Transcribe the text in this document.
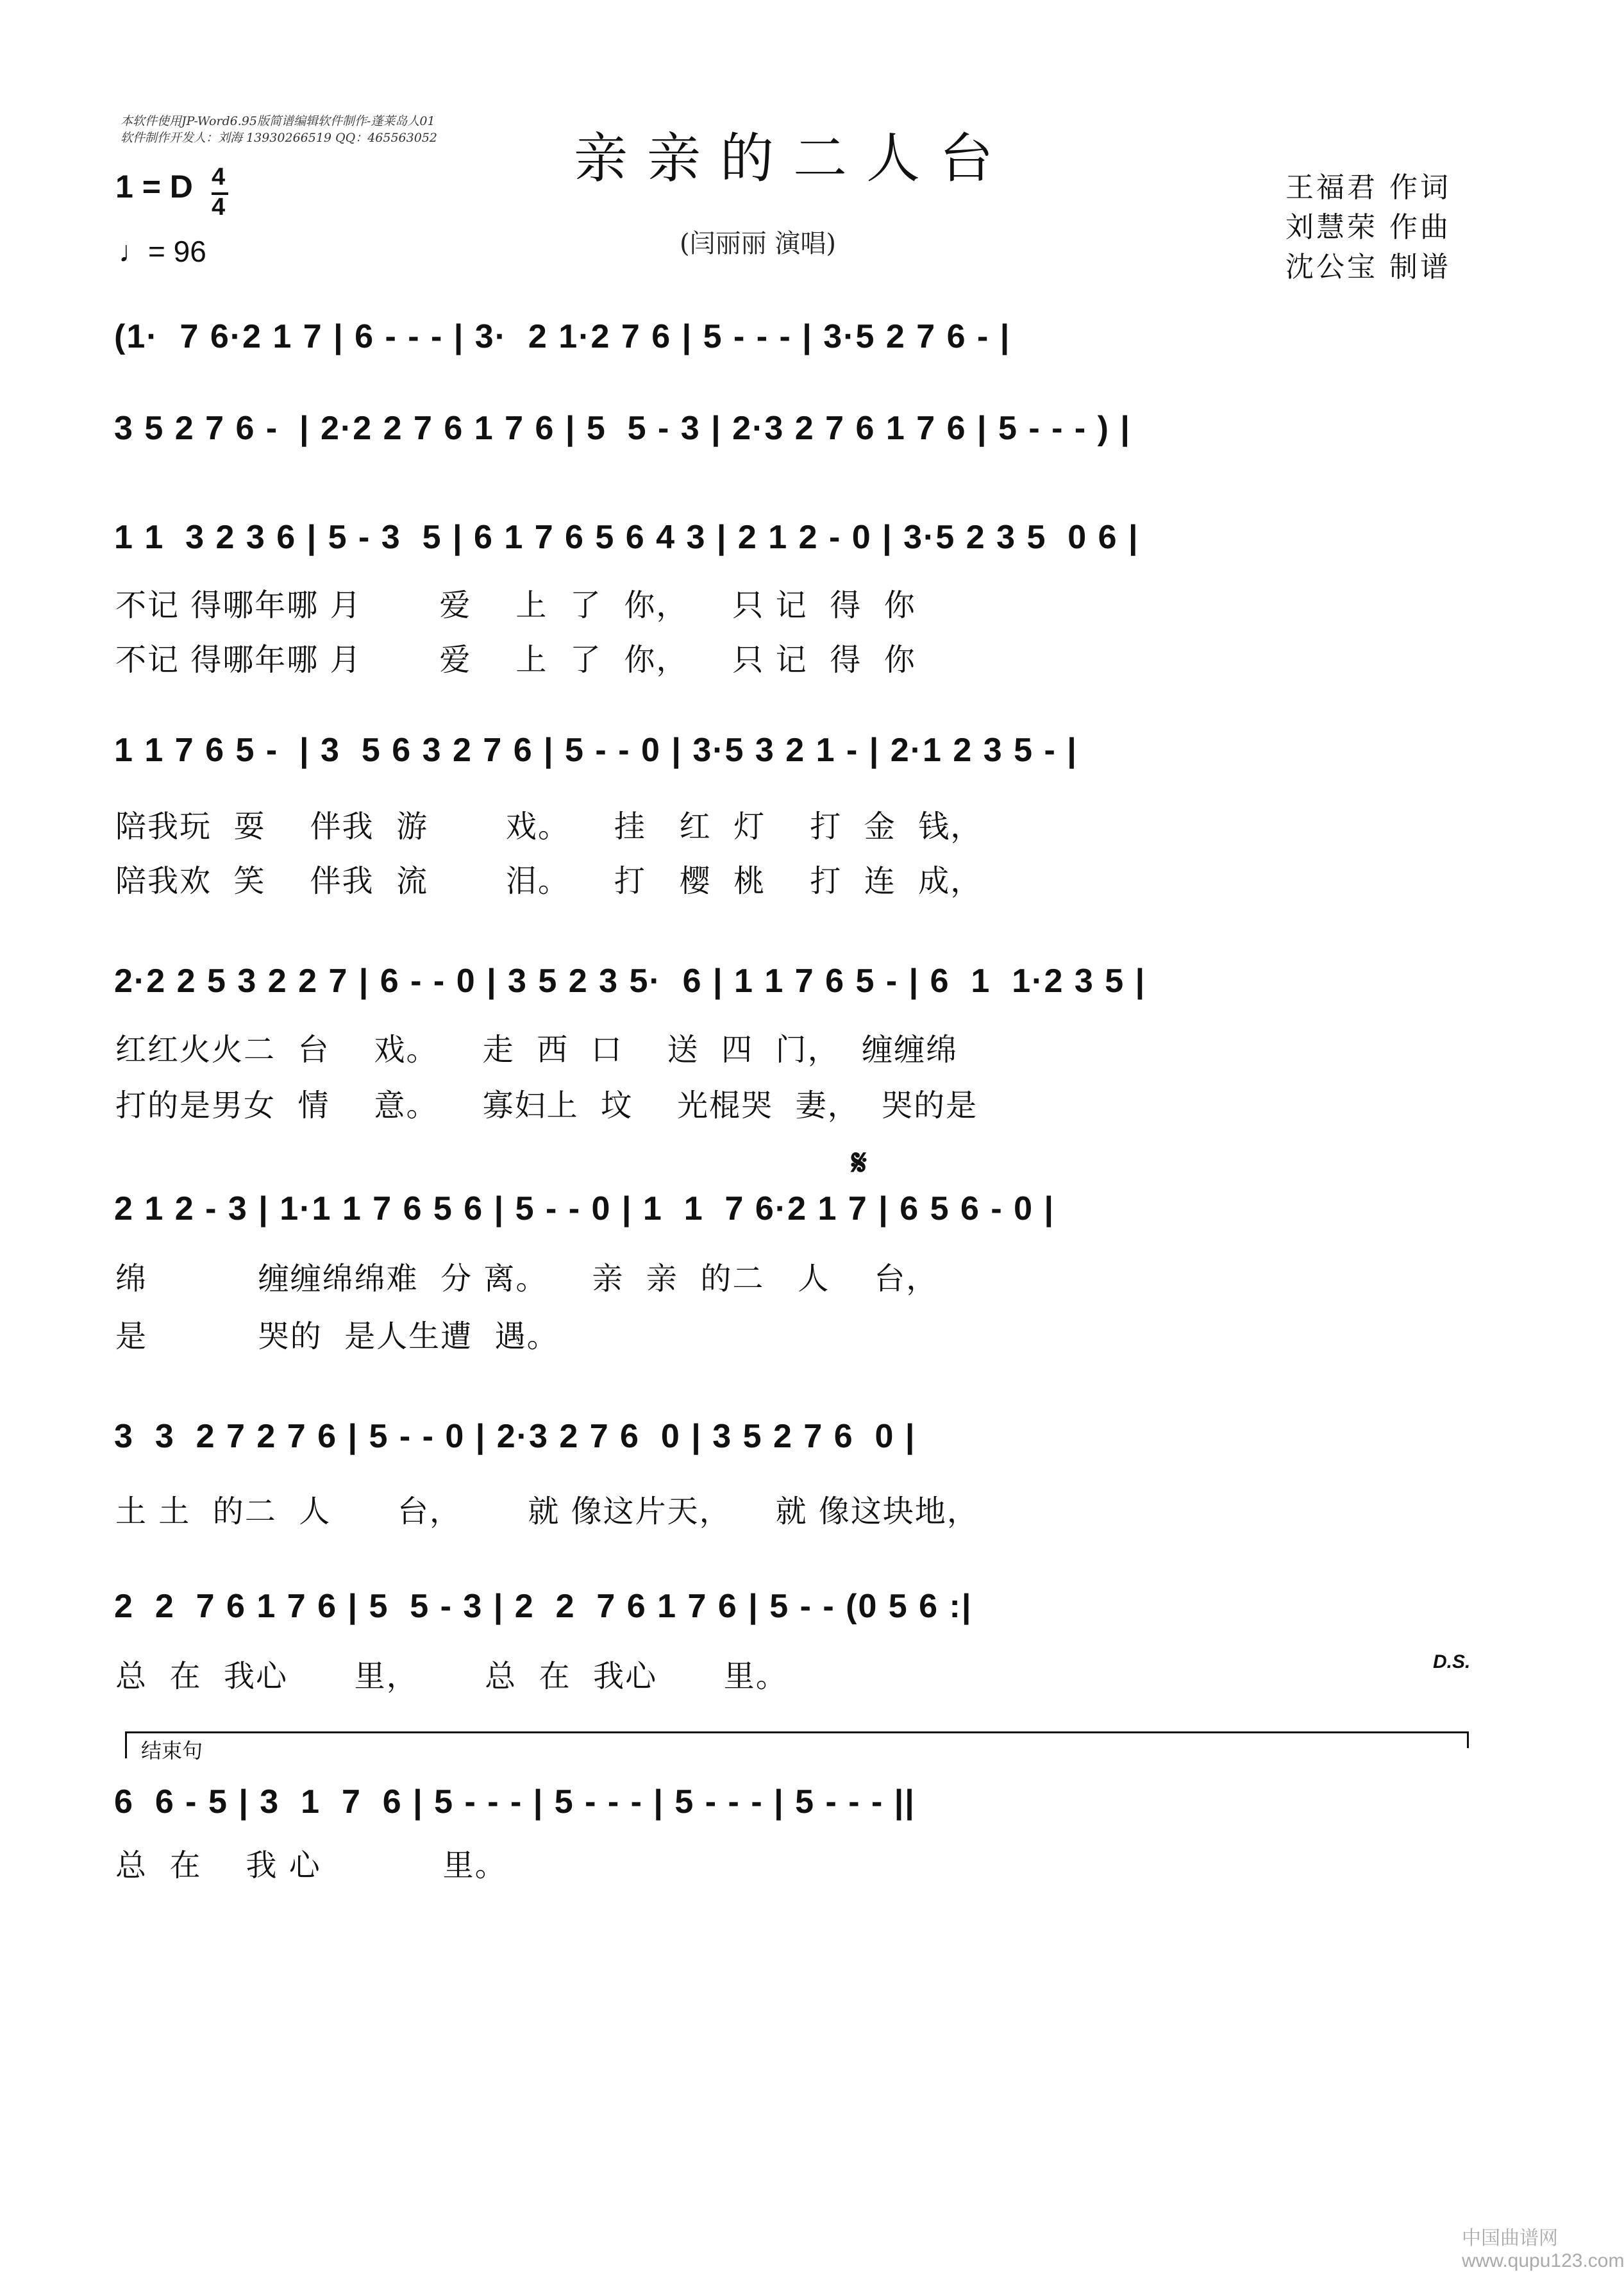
本软件使用JP-Word6.95版简谱编辑软件制作-蓬莱岛人01
软件制作开发人：刘海 13930266519 QQ：465563052	亲亲的二人台
1 = D 4
4
♩= 96	(闫丽丽 演唱)
王福君 作词
刘慧荣 作曲
沈公宝 制谱
(1·  7 6·2 1 7 | 6 - - - | 3·  2 1·2 7 6 | 5 - - - | 3·5 2 7 6 - |
3 5 2 7 6 -  | 2·2 2 7 6 1 7 6 | 5  5 - 3 | 2·3 2 7 6 1 7 6 | 5 - - - ) |
1 1  3 2 3 6 | 5 - 3  5 | 6 1 7 6 5 6 4 3 | 2 1 2 - 0 | 3·5 2 3 5  0 6 |
不记 得哪年哪 月       爱    上  了  你，    只 记  得  你
不记 得哪年哪 月       爱    上  了  你，    只 记  得  你
1 1 7 6 5 -  | 3  5 6 3 2 7 6 | 5 - - 0 | 3·5 3 2 1 - | 2·1 2 3 5 - |
陪我玩  耍    伴我  游       戏。    挂   红  灯    打  金  钱，
陪我欢  笑    伴我  流       泪。    打   樱  桃    打  连  成，
2·2 2 5 3 2 2 7 | 6 - - 0 | 3 5 2 3 5·  6 | 1 1 7 6 5 - | 6  1  1·2 3 5 |
红红火火二  台    戏。    走  西  口    送  四  门，  缠缠绵
打的是男女  情    意。    寡妇上  坟    光棍哭  妻，  哭的是
𝄋
2 1 2 - 3 | 1·1 1 7 6 5 6 | 5 - - 0 | 1  1  7 6·2 1 7 | 6 5 6 - 0 |
绵          缠缠绵绵难  分 离。    亲  亲  的二   人    台，
是          哭的  是人生遭  遇。
3  3  2 7 2 7 6 | 5 - - 0 | 2·3 2 7 6  0 | 3 5 2 7 6  0 |
土 土  的二  人      台，      就 像这片天，    就 像这块地，
2  2  7 6 1 7 6 | 5  5 - 3 | 2  2  7 6 1 7 6 | 5 - - (0 5 6 :|
总  在  我心      里，      总  在  我心      里。	D.S.
结束句
6  6 - 5 | 3  1  7  6 | 5 - - - | 5 - - - | 5 - - - | 5 - - - ||
总  在    我 心           里。
中国曲谱网 www.qupu123.com
